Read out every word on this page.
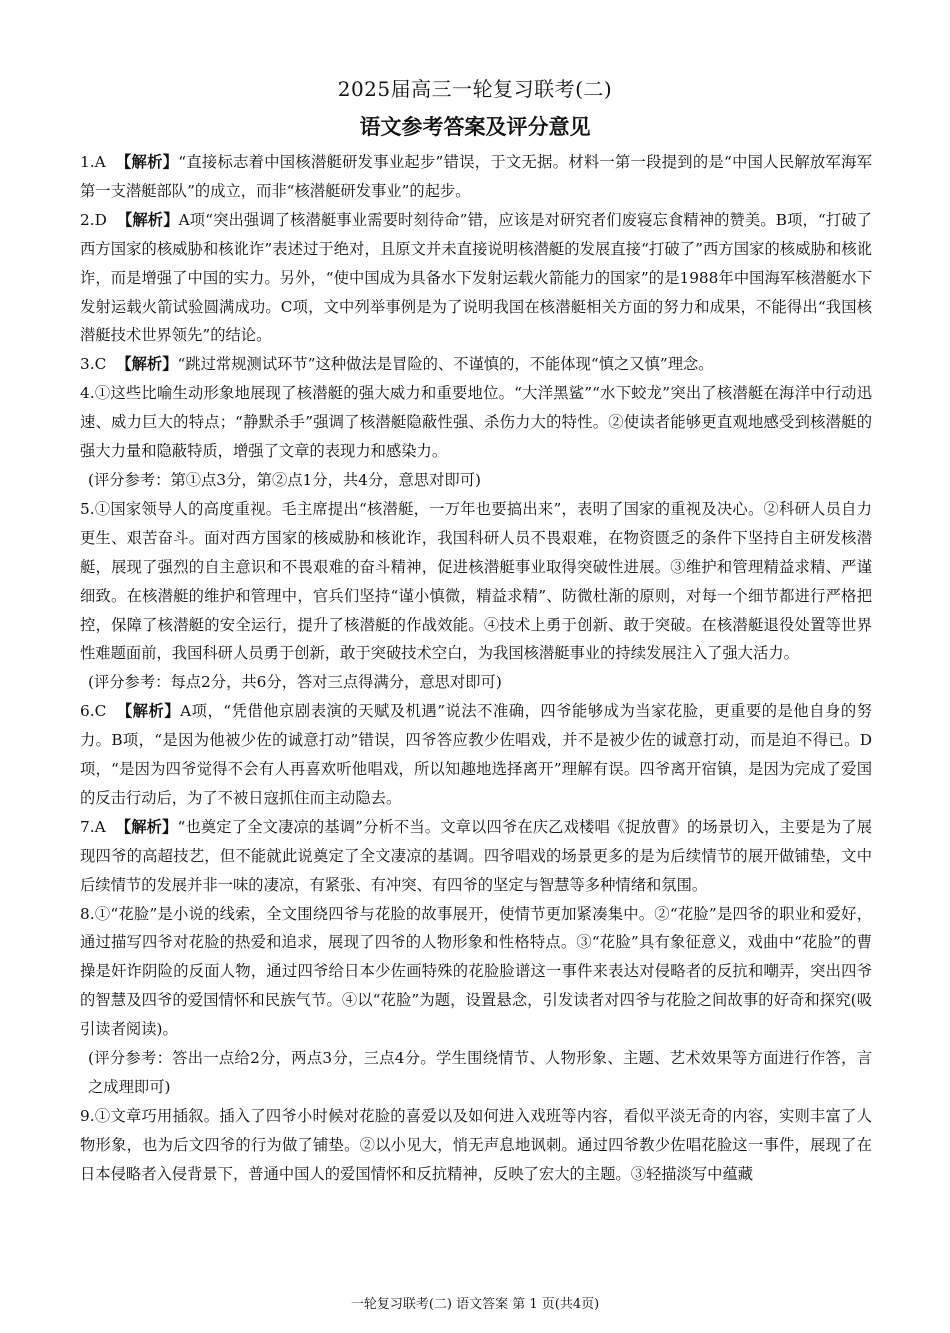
2025届高三一轮复习联考(二)
语文参考答案及评分意见
1.A 【解析】“直接标志着中国核潜艇研发事业起步”错误，于文无据。材料一第一段提到的是“中国人民解放军海军第一支潜艇部队”的成立，而非“核潜艇研发事业”的起步。
2.D 【解析】A项“突出强调了核潜艇事业需要时刻待命”错，应该是对研究者们废寝忘食精神的赞美。B项，“打破了西方国家的核威胁和核讹诈”表述过于绝对，且原文并未直接说明核潜艇的发展直接“打破了”西方国家的核威胁和核讹诈，而是增强了中国的实力。另外，“使中国成为具备水下发射运载火箭能力的国家”的是1988年中国海军核潜艇水下发射运载火箭试验圆满成功。C项，文中列举事例是为了说明我国在核潜艇相关方面的努力和成果，不能得出“我国核潜艇技术世界领先”的结论。
3.C 【解析】“跳过常规测试环节”这种做法是冒险的、不谨慎的，不能体现“慎之又慎”理念。
4.①这些比喻生动形象地展现了核潜艇的强大威力和重要地位。“大洋黑鲨”“水下蛟龙”突出了核潜艇在海洋中行动迅速、威力巨大的特点；“静默杀手”强调了核潜艇隐蔽性强、杀伤力大的特性。②使读者能够更直观地感受到核潜艇的强大力量和隐蔽特质，增强了文章的表现力和感染力。
(评分参考：第①点3分，第②点1分，共4分，意思对即可)
5.①国家领导人的高度重视。毛主席提出“核潜艇，一万年也要搞出来”，表明了国家的重视及决心。②科研人员自力更生、艰苦奋斗。面对西方国家的核威胁和核讹诈，我国科研人员不畏艰难，在物资匮乏的条件下坚持自主研发核潜艇，展现了强烈的自主意识和不畏艰难的奋斗精神，促进核潜艇事业取得突破性进展。③维护和管理精益求精、严谨细致。在核潜艇的维护和管理中，官兵们坚持“谨小慎微，精益求精”、防微杜渐的原则，对每一个细节都进行严格把控，保障了核潜艇的安全运行，提升了核潜艇的作战效能。④技术上勇于创新、敢于突破。在核潜艇退役处置等世界性难题面前，我国科研人员勇于创新，敢于突破技术空白，为我国核潜艇事业的持续发展注入了强大活力。
(评分参考：每点2分，共6分，答对三点得满分，意思对即可)
6.C 【解析】A项，“凭借他京剧表演的天赋及机遇”说法不准确，四爷能够成为当家花脸，更重要的是他自身的努力。B项，“是因为他被少佐的诚意打动”错误，四爷答应教少佐唱戏，并不是被少佐的诚意打动，而是迫不得已。D项，“是因为四爷觉得不会有人再喜欢听他唱戏，所以知趣地选择离开”理解有误。四爷离开宿镇，是因为完成了爱国的反击行动后，为了不被日寇抓住而主动隐去。
7.A 【解析】“也奠定了全文凄凉的基调”分析不当。文章以四爷在庆乙戏楼唱《捉放曹》的场景切入，主要是为了展现四爷的高超技艺，但不能就此说奠定了全文凄凉的基调。四爷唱戏的场景更多的是为后续情节的展开做铺垫，文中后续情节的发展并非一味的凄凉，有紧张、有冲突、有四爷的坚定与智慧等多种情绪和氛围。
8.①“花脸”是小说的线索，全文围绕四爷与花脸的故事展开，使情节更加紧凑集中。②“花脸”是四爷的职业和爱好，通过描写四爷对花脸的热爱和追求，展现了四爷的人物形象和性格特点。③“花脸”具有象征意义，戏曲中“花脸”的曹操是奸诈阴险的反面人物，通过四爷给日本少佐画特殊的花脸脸谱这一事件来表达对侵略者的反抗和嘲弄，突出四爷的智慧及四爷的爱国情怀和民族气节。④以“花脸”为题，设置悬念，引发读者对四爷与花脸之间故事的好奇和探究(吸引读者阅读)。
(评分参考：答出一点给2分，两点3分，三点4分。学生围绕情节、人物形象、主题、艺术效果等方面进行作答，言之成理即可)
9.①文章巧用插叙。插入了四爷小时候对花脸的喜爱以及如何进入戏班等内容，看似平淡无奇的内容，实则丰富了人物形象，也为后文四爷的行为做了铺垫。②以小见大，悄无声息地讽刺。通过四爷教少佐唱花脸这一事件，展现了在日本侵略者入侵背景下，普通中国人的爱国情怀和反抗精神，反映了宏大的主题。③轻描淡写中蕴藏
一轮复习联考(二) 语文答案 第 1 页(共4页)
